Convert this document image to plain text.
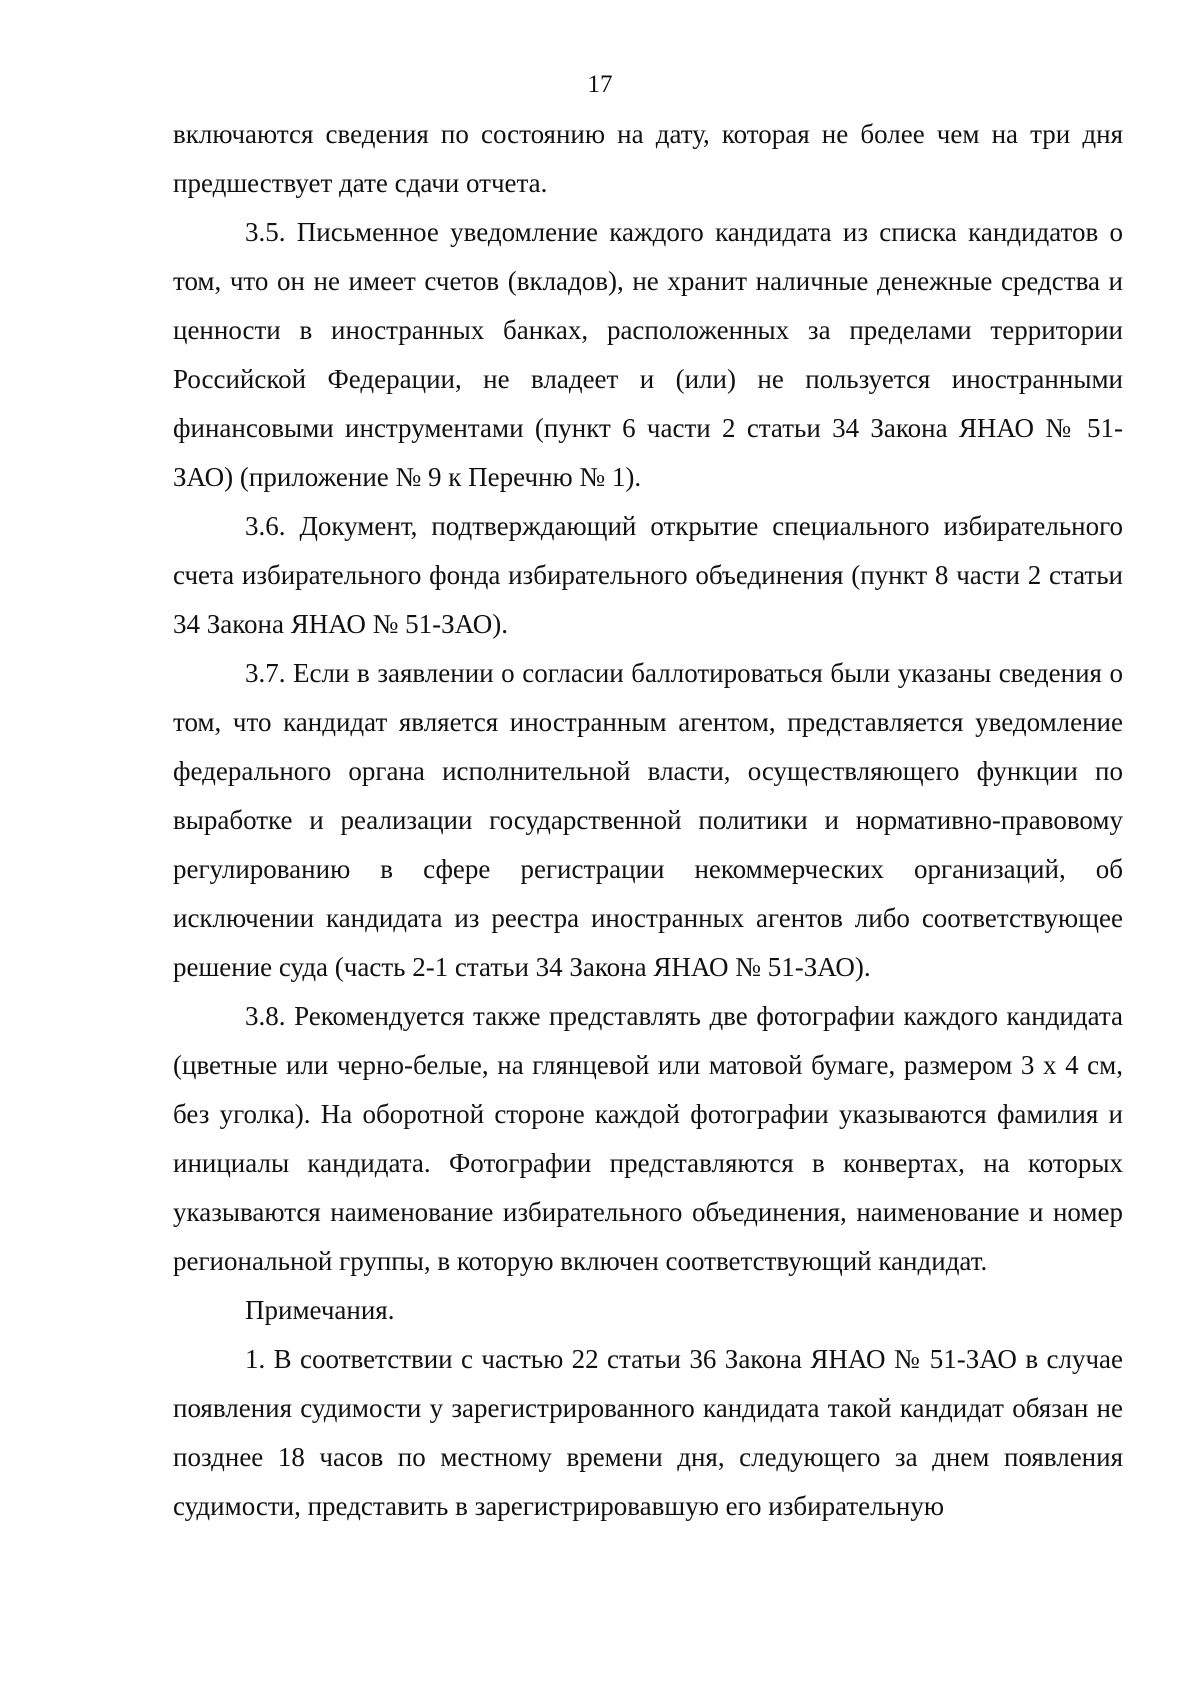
17

включаются сведения по состоянию на дату, которая не более чем на три дня предшествует дате сдачи отчета.

3.5. Письменное уведомление каждого кандидата из списка кандидатов о том, что он не имеет счетов (вкладов), не хранит наличные денежные средства и ценности в иностранных банках, расположенных за пределами территории Российской Федерации, не владеет и (или) не пользуется иностранными финансовыми инструментами (пункт 6 части 2 статьи 34 Закона ЯНАО № 51-ЗАО) (приложение № 9 к Перечню № 1).

3.6. Документ, подтверждающий открытие специального избирательного счета избирательного фонда избирательного объединения (пункт 8 части 2 статьи 34 Закона ЯНАО № 51-ЗАО).

3.7. Если в заявлении о согласии баллотироваться были указаны сведения о том, что кандидат является иностранным агентом, представляется уведомление федерального органа исполнительной власти, осуществляющего функции по выработке и реализации государственной политики и нормативно-правовому регулированию в сфере регистрации некоммерческих организаций, об исключении кандидата из реестра иностранных агентов либо соответствующее решение суда (часть 2-1 статьи 34 Закона ЯНАО № 51-ЗАО).

3.8. Рекомендуется также представлять две фотографии каждого кандидата (цветные или черно-белые, на глянцевой или матовой бумаге, размером 3 х 4 см, без уголка). На оборотной стороне каждой фотографии указываются фамилия и инициалы кандидата. Фотографии представляются в конвертах, на которых указываются наименование избирательного объединения, наименование и номер региональной группы, в которую включен соответствующий кандидат.

Примечания.

1. В соответствии с частью 22 статьи 36 Закона ЯНАО № 51-ЗАО в случае появления судимости у зарегистрированного кандидата такой кандидат обязан не позднее 18 часов по местному времени дня, следующего за днем появления судимости, представить в зарегистрировавшую его избирательную
